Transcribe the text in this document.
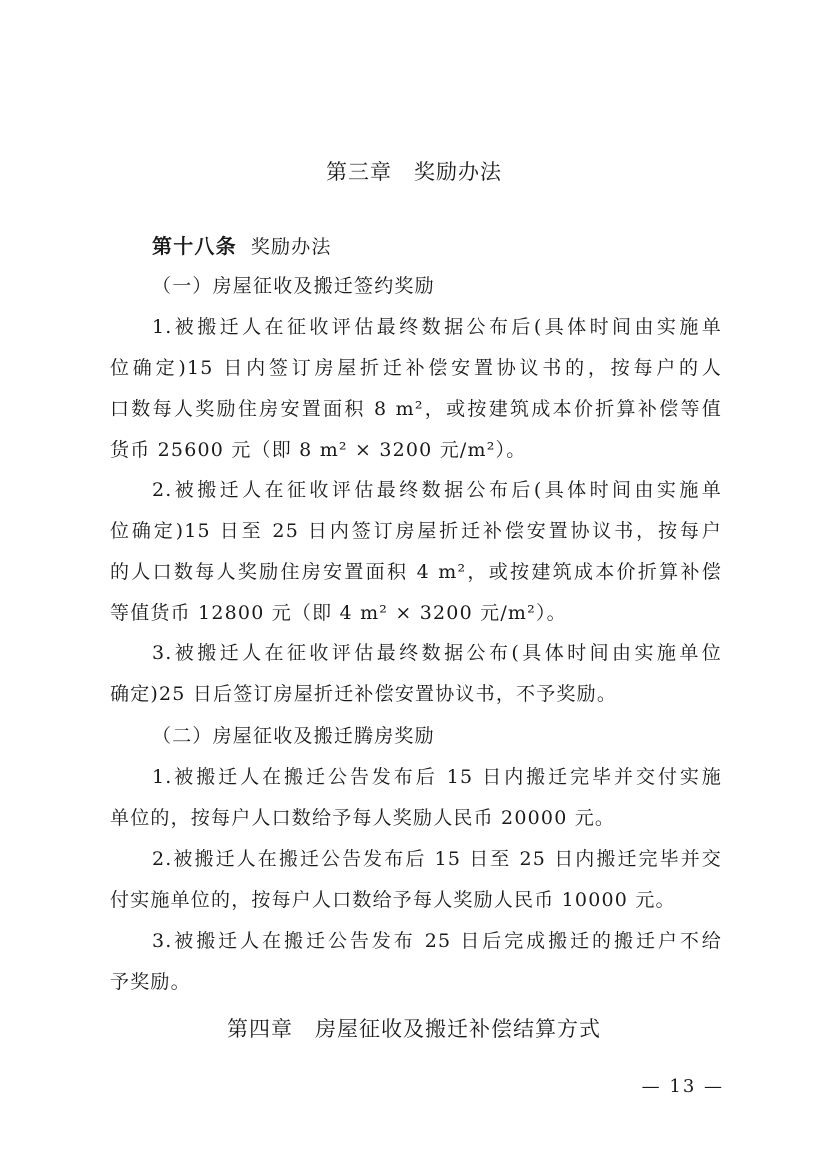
第三章　奖励办法
第十八条 奖励办法
（一）房屋征收及搬迁签约奖励
1.被搬迁人在征收评估最终数据公布后(具体时间由实施单
位确定)15 日内签订房屋折迁补偿安置协议书的，按每户的人
口数每人奖励住房安置面积 8 m²，或按建筑成本价折算补偿等值
货币 25600 元（即 8 m² × 3200 元/m²）。
2.被搬迁人在征收评估最终数据公布后(具体时间由实施单
位确定)15 日至 25 日内签订房屋折迁补偿安置协议书，按每户
的人口数每人奖励住房安置面积 4 m²，或按建筑成本价折算补偿
等值货币 12800 元（即 4 m² × 3200 元/m²）。
3.被搬迁人在征收评估最终数据公布(具体时间由实施单位
确定)25 日后签订房屋折迁补偿安置协议书，不予奖励。
（二）房屋征收及搬迁腾房奖励
1.被搬迁人在搬迁公告发布后 15 日内搬迁完毕并交付实施
单位的，按每户人口数给予每人奖励人民币 20000 元。
2.被搬迁人在搬迁公告发布后 15 日至 25 日内搬迁完毕并交
付实施单位的，按每户人口数给予每人奖励人民币 10000 元。
3.被搬迁人在搬迁公告发布 25 日后完成搬迁的搬迁户不给
予奖励。
第四章　房屋征收及搬迁补偿结算方式
— 13 —
